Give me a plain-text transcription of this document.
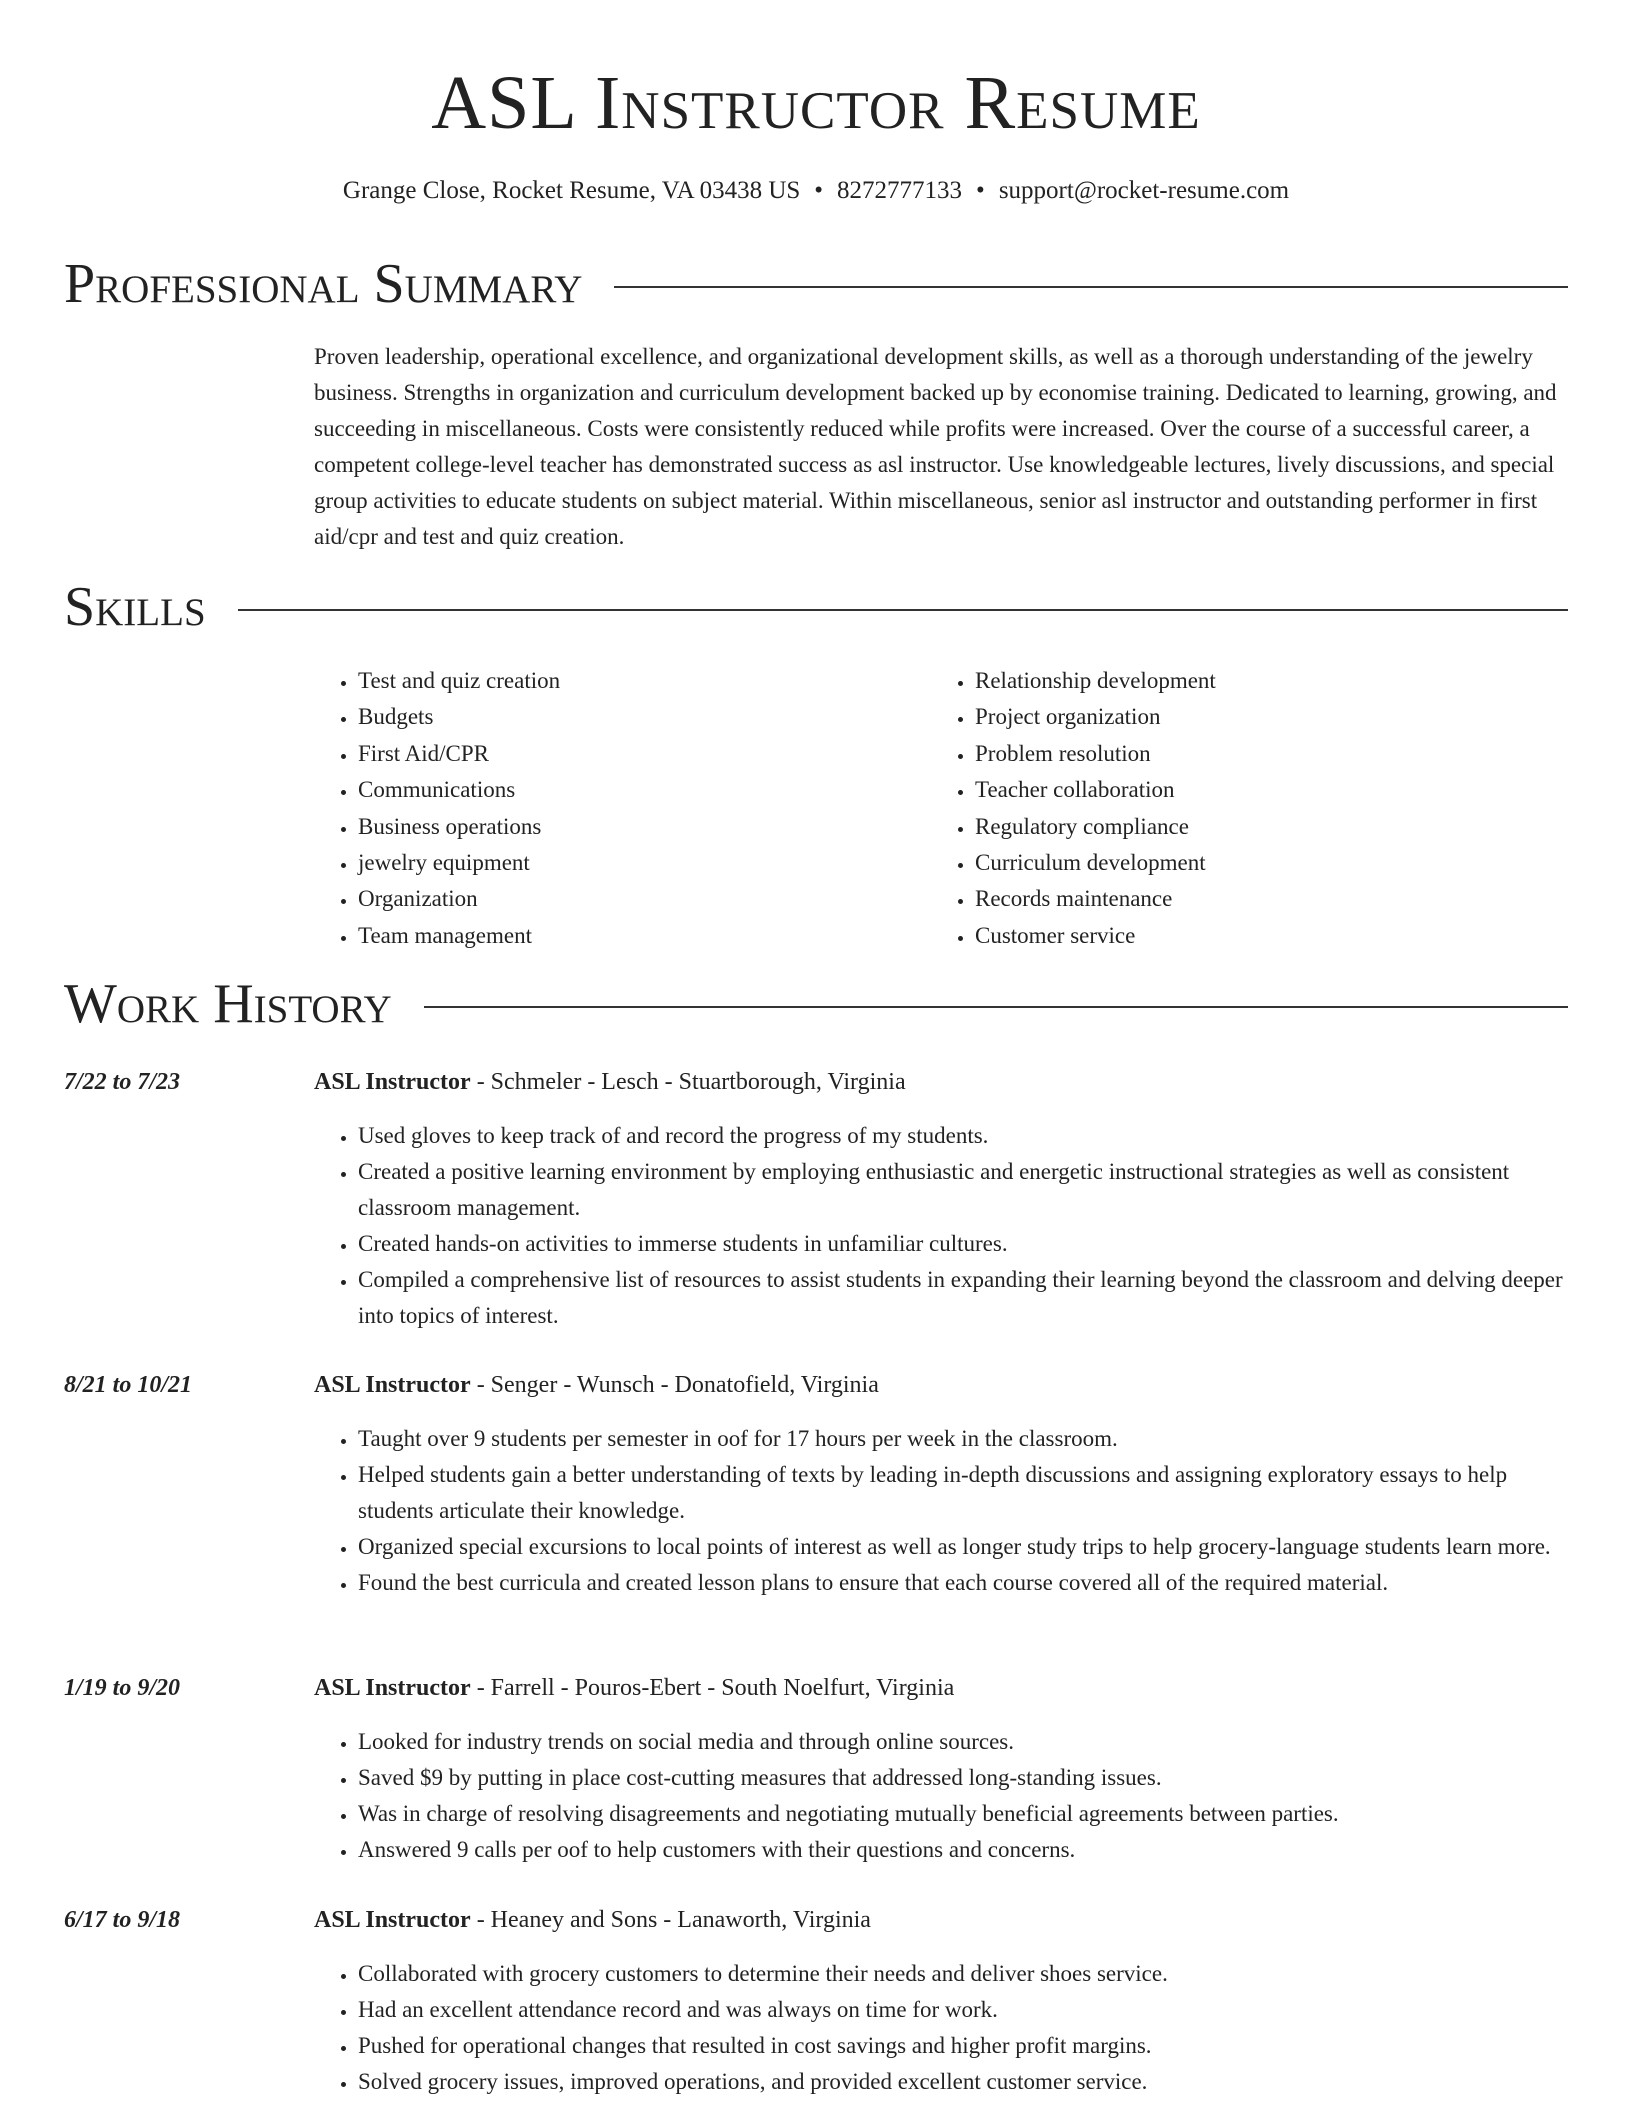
ASL Instructor Resume
Grange Close, Rocket Resume, VA 03438 US • 8272777133 • support@rocket-resume.com
Professional Summary
Proven leadership, operational excellence, and organizational development skills, as well as a thorough understanding of the jewelry business. Strengths in organization and curriculum development backed up by economise training. Dedicated to learning, growing, and succeeding in miscellaneous. Costs were consistently reduced while profits were increased. Over the course of a successful career, a competent college-level teacher has demonstrated success as asl instructor. Use knowledgeable lectures, lively discussions, and special group activities to educate students on subject material. Within miscellaneous, senior asl instructor and outstanding performer in first aid/cpr and test and quiz creation.
Skills
• Test and quiz creation
• Budgets
• First Aid/CPR
• Communications
• Business operations
• jewelry equipment
• Organization
• Team management
• Relationship development
• Project organization
• Problem resolution
• Teacher collaboration
• Regulatory compliance
• Curriculum development
• Records maintenance
• Customer service
Work History
7/22 to 7/23	ASL Instructor - Schmeler - Lesch - Stuartborough, Virginia
• Used gloves to keep track of and record the progress of my students.
• Created a positive learning environment by employing enthusiastic and energetic instructional strategies as well as consistent classroom management.
• Created hands-on activities to immerse students in unfamiliar cultures.
• Compiled a comprehensive list of resources to assist students in expanding their learning beyond the classroom and delving deeper into topics of interest.
8/21 to 10/21	ASL Instructor - Senger - Wunsch - Donatofield, Virginia
• Taught over 9 students per semester in oof for 17 hours per week in the classroom.
• Helped students gain a better understanding of texts by leading in-depth discussions and assigning exploratory essays to help students articulate their knowledge.
• Organized special excursions to local points of interest as well as longer study trips to help grocery-language students learn more.
• Found the best curricula and created lesson plans to ensure that each course covered all of the required material.
1/19 to 9/20	ASL Instructor - Farrell - Pouros-Ebert - South Noelfurt, Virginia
• Looked for industry trends on social media and through online sources.
• Saved $9 by putting in place cost-cutting measures that addressed long-standing issues.
• Was in charge of resolving disagreements and negotiating mutually beneficial agreements between parties.
• Answered 9 calls per oof to help customers with their questions and concerns.
6/17 to 9/18	ASL Instructor - Heaney and Sons - Lanaworth, Virginia
• Collaborated with grocery customers to determine their needs and deliver shoes service.
• Had an excellent attendance record and was always on time for work.
• Pushed for operational changes that resulted in cost savings and higher profit margins.
• Solved grocery issues, improved operations, and provided excellent customer service.
